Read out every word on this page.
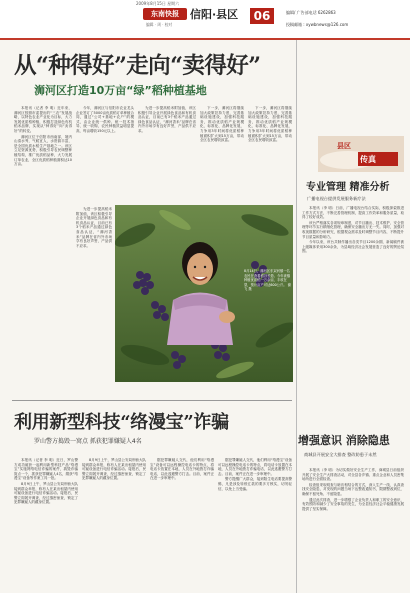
2009年8月15日 星期六
东南快报	信阳·县区	06
编辑 · 周 · 校对
编辑/ 广告部电话 6262863
投稿邮箱 : xywbnews@126.com
从“种得好”走向“卖得好”
浉河区打造10万亩“绿”稻种植基地

本报讯（记者 李 明）近年来，浉河区按照市委提出的“三农”发展战略，以特色农业产业化为目标，大力发展优质稻种植，积极打造绿色有机稻米品牌，实现从“种得好”向“卖得好”的转变。

浉河区位于信阳市西南部，境内山清水秀，气候宜人，水资源丰富，是全国优质水稻生产基地之一。该区立足资源优势，积极引导农民调整种植结构，推广优质稻品种，大力发展订单农业，全区优质稻种植面积达10万亩。

今年，浉河区与信阳市农业龙头企业签订了5000亩优质稻订单种植合同，通过“公司+基地+农户”的模式，由企业统一供种、统一技术指导、统一收购，农民种植效益明显提高，每亩增收150元以上。

为进一步提高稻米附加值，该区积极引导企业开展绿色食品和有机食品认证，目前已有3个稻米产品通过绿色食品认证，“浉河香米”品牌在省内外市场享有良好声誉，产品供不应求。

为进一步提高稻米附加值，该区积极引导企业开展绿色食品和有机食品认证，目前已有3个稻米产品通过绿色食品认证，“浉河香米”品牌在省内外市场享有良好声誉，产品供不应求。

下一步，浉河区将继续加大政策扶持力度，完善基础设施建设，加强科技服务，推动优质稻产业规模化、标准化、品牌化发展，力争用3年时间将优质稻种植面积扩大到15万亩，带动全区农民增收致富。

下一步，浉河区将继续加大政策扶持力度，完善基础设施建设，加强科技服务，推动优质稻产业规模化、标准化、品牌化发展，力争用3年时间将优质稻种植面积扩大到15万亩，带动全区农民增收致富。

8月14日，浉河区东双河镇一名农民在查看稻谷长势。今年该镇种植优质稻一万余亩，丰收在望，预计亩产可达600公斤。 谢 飞 摄
利用新型科技“络漫宝”诈骗
罗山警方捣毁一窝点 抓获犯罪嫌疑人4名

本报讯（记者 李 明）近日，罗山警方成功破获一起利用新型科技产品“络漫宝”实施网络电信诈骗的案件，捣毁诈骗窝点一个，抓获犯罪嫌疑人4名，缴获“络漫宝”设备等作案工具一批。

8月9日上午，罗山县公安局刑侦大队接到群众举报，称有人在某出租屋内使用可疑设备进行电信诈骗活动。接报后，民警立即展开调查，经过缜密侦查，锁定了犯罪嫌疑人的藏身位置。

8月9日上午，罗山县公安局刑侦大队接到群众举报，称有人在某出租屋内使用可疑设备进行电信诈骗活动。接报后，民警立即展开调查，经过缜密侦查，锁定了犯罪嫌疑人的藏身位置。

据犯罪嫌疑人交代，他们利用“络漫宝”设备可以远程操控电话卡的特点，将电话卡放置在本地，人员在外地拨打诈骗电话，以此逃避警方打击。目前，案件正在进一步审理中。

据犯罪嫌疑人交代，他们利用“络漫宝”设备可以远程操控电话卡的特点，将电话卡放置在本地，人员在外地拨打诈骗电话，以此逃避警方打击。目前，案件正在进一步审理中。

警方提醒广大群众，接到陌生电话要提高警惕，凡是涉及转账汇款的要多方核实，切勿轻信，以免上当受骗。

县区
传真
专业管理 精准分析
广播电视台提供发展服务新疗法

本报讯（李 明）日前，广播电视台结合实际，积极探索推进工作方式方法，不断完善管理机制，提高工作效率和服务质量，取得了较好成效。

该台严格落实各项规章制度，对节目播出、技术维护、安全管理等环节实行精细化管理，确保安全播出万无一失。同时，加强对收视数据的分析研究，根据观众需求及时调整节目内容，不断提升节目质量和影响力。

今年以来，该台共制作播出各类节目1200余期，新闻稿件被上级媒体采用300余条，为县域经济社会发展营造了良好的舆论氛围。

增强意识 消除隐患
商城县开展安全大排查 整改防患于未然

本报讯（李 明）为切实做好安全生产工作，商城县日前组织开展了安全生产大排查活动，对全县各乡镇、重点企业和人员密集场所进行全面检查。

检查组采取明查与暗访相结合的方式，深入生产一线，认真查找安全隐患，对发现的问题当场下达整改通知书，限期整改到位，确保不留死角、不留隐患。

通过此次排查，进一步增强了企业负责人和职工的安全意识，有效预防和减少了安全事故的发生，为全县经济社会平稳健康发展提供了坚实保障。
